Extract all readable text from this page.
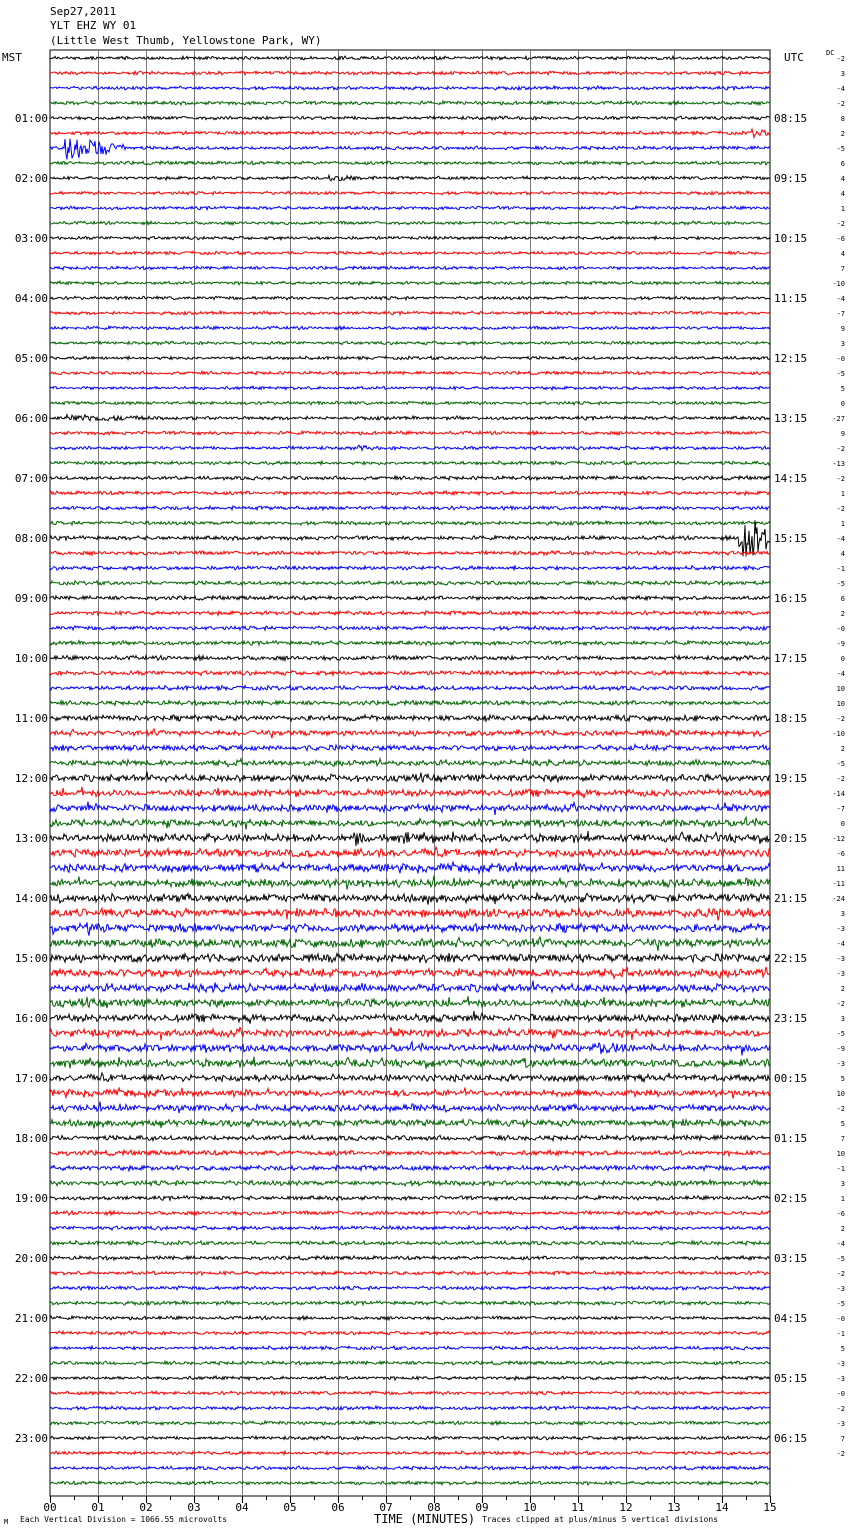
Sep27,2011
YLT EHZ WY 01
(Little West Thumb, Yellowstone Park, WY)
MST	UTC	DC
00	01	02	03	04	05	06	07	08	09	10	11	12	13	14	15
-2
3
-4
-2
8
2
-5
6
4
4
1
-2
-6
4
7
-10
-4
-7
9
3
-0
-5
5
0
-27
9
-2
-13
-2
1
-2
1
-4
4
-1
-5
6
2
-0
-9
0
-4
10
10
-2
-10
2
-5
-2
-14
-7
0
-12
-6
11
-11
-24
3
-3
-4
-3
-3
2
-2
3
-5
-9
-3
5
10
-2
5
7
10
-1
3
1
-6
2
-4
-5
-2
-3
-5
-0
-1
5
-3
-3
-0
-2
-3
7
-2
01:00
02:00
03:00
04:00
05:00
06:00
07:00
08:00
09:00
10:00
11:00
12:00
13:00
14:00
15:00
16:00
17:00
18:00
19:00
20:00
21:00
22:00
23:00
08:15
09:15
10:15
11:15
12:15
13:15
14:15
15:15
16:15
17:15
18:15
19:15
20:15
21:15
22:15
23:15
00:15
01:15
02:15
03:15
04:15
05:15
06:15
M Each Vertical Division = 1066.55 microvolts	TIME (MINUTES) Traces clipped at plus/minus 5 vertical divisions
